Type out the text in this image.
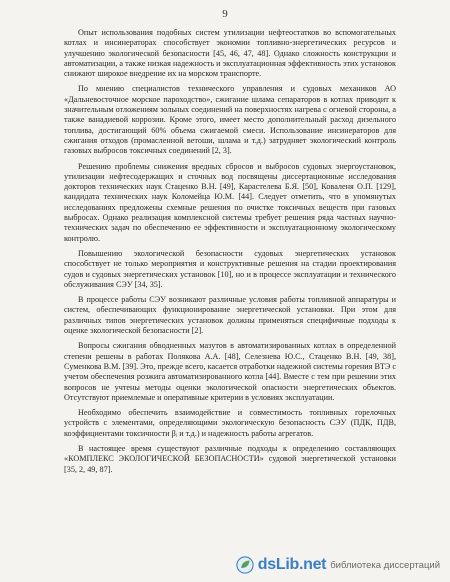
9

Опыт использования подобных систем утилизации нефтеостатков во вспомогательных котлах и инсинераторах способствует экономии топливно-энергетических ресурсов и улучшению экологической безопасности [45, 46, 47, 48]. Однако сложность конструкции и автоматизации, а также низкая надежность и эксплуатационная эффективность этих установок снижают широкое внедрение их на морском транспорте.

По мнению специалистов технического управления и судовых механиков АО «Дальневосточное морское пароходство», сжигание шлама сепараторов в котлах приводит к значительным отложениям зольных соединений на поверхностях нагрева с огневой стороны, а также ванадиевой коррозии. Кроме этого, имеет место дополнительный расход дизельного топлива, достигающий 60% объема сжигаемой смеси. Использование инсинераторов для сжигания отходов (промасленной ветоши, шлама и т.д.) затрудняет экологический контроль газовых выбросов токсичных соединений [2, 3].

Решению проблемы снижения вредных сбросов и выбросов судовых энергоустановок, утилизации нефтесодержащих и сточных вод посвящены диссертационные исследования докторов технических наук Стаценко В.Н. [49], Карастелева Б.Я. [50], Коваленя О.П. [129], кандидата технических наук Коломейца Ю.М. [44]. Следует отметить, что в упомянутых исследованиях предложены схемные решения по очистке токсичных веществ при газовых выбросах. Однако реализация комплексной системы требует решения ряда частных научно-технических задач по обеспечению ее эффективности и эксплуатационному экологическому контролю.

Повышению экологической безопасности судовых энергетических установок способствует не только мероприятия и конструктивные решения на стадии проектирования судов и судовых энергетических установок [10], но и в процессе эксплуатации и технического обслуживания СЭУ [34, 35].

В процессе работы СЭУ возникают различные условия работы топливной аппаратуры и систем, обеспечивающих функционирование энергетической установки. При этом для различных типов энергетических установок должны применяться специфичные подходы к оценке экологической безопасности [2].

Вопросы сжигания обводненных мазутов в автоматизированных котлах в определенной степени решены в работах Полякова А.А. [48], Селезнева Ю.С., Стаценко В.Н. [49, 38], Суменкова В.М. [39]. Это, прежде всего, касается отработки надежной системы горения ВТЭ с учетом обеспечения розжига автоматизированного котла [44]. Вместе с тем при решении этих вопросов не учтены методы оценки экологической опасности энергетических объектов. Отсутствуют приемлемые и оперативные критерии в условиях эксплуатации.

Необходимо обеспечить взаимодействие и совместимость топливных горелочных устройств с элементами, определяющими экологическую безопасность СЭУ (ПДК, ПДВ, коэффициентами токсичности βᵢ и т.д.) и надежность работы агрегатов.

В настоящее время существуют различные подходы к определению составляющих «КОМПЛЕКС ЭКОЛОГИЧЕСКОЙ БЕЗОПАСНОСТИ» судовой энергетической установки [35, 2, 49, 87].

dsLib.net библиотека диссертаций
